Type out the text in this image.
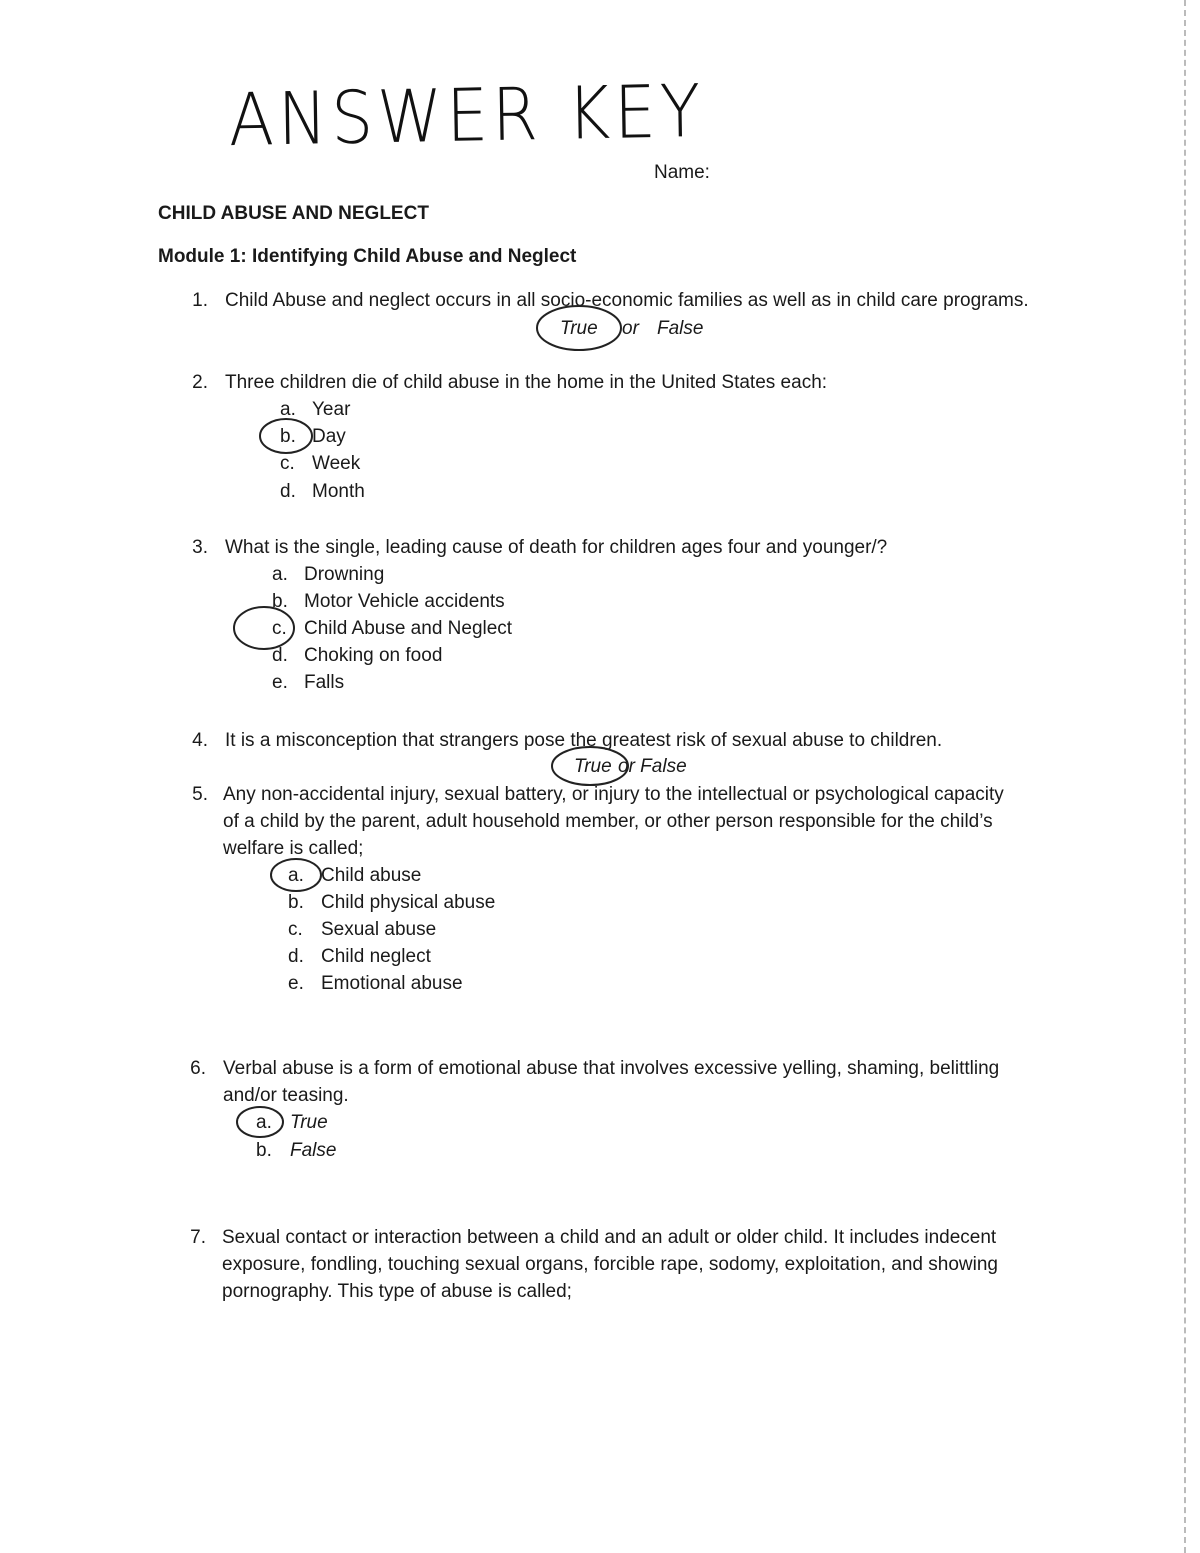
ANSWER KEY
Name:
CHILD ABUSE AND NEGLECT
Module 1: Identifying Child Abuse and Neglect
1. Child Abuse and neglect occurs in all socio-economic families as well as in child care programs.
True or False
2. Three children die of child abuse in the home in the United States each:
a. Year
b. Day
c. Week
d. Month
3. What is the single, leading cause of death for children ages four and younger/?
a. Drowning
b. Motor Vehicle accidents
c. Child Abuse and Neglect
d. Choking on food
e. Falls
4. It is a misconception that strangers pose the greatest risk of sexual abuse to children.
True or False
5. Any non-accidental injury, sexual battery, or injury to the intellectual or psychological capacity
of a child by the parent, adult household member, or other person responsible for the child’s
welfare is called;
a. Child abuse
b. Child physical abuse
c. Sexual abuse
d. Child neglect
e. Emotional abuse
6. Verbal abuse is a form of emotional abuse that involves excessive yelling, shaming, belittling
and/or teasing.
a. True
b. False
7. Sexual contact or interaction between a child and an adult or older child. It includes indecent
exposure, fondling, touching sexual organs, forcible rape, sodomy, exploitation, and showing
pornography. This type of abuse is called;
